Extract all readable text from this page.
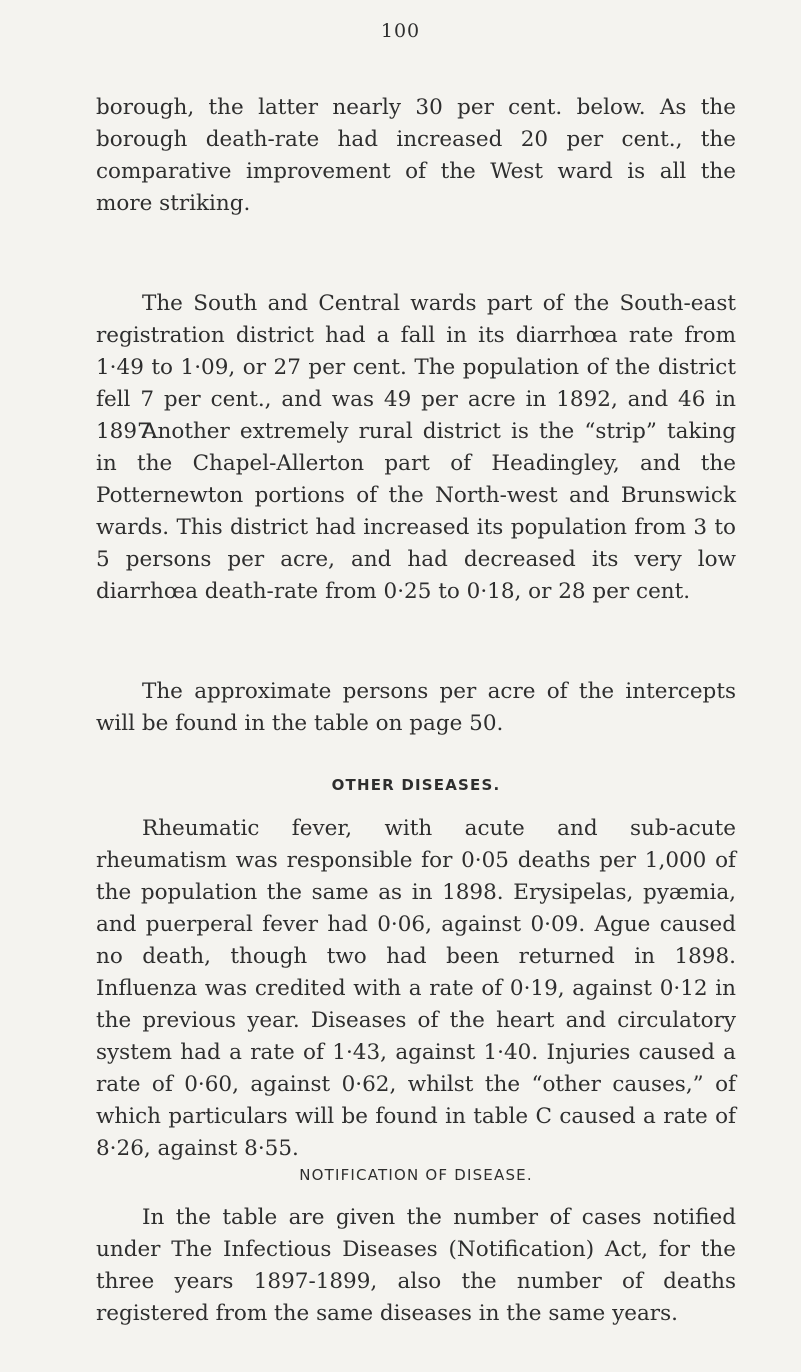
100

borough, the latter nearly 30 per cent. below. As the borough death-rate had increased 20 per cent., the comparative improvement of the West ward is all the more striking.

The South and Central wards part of the South-east registration district had a fall in its diarrhœa rate from 1·49 to 1·09, or 27 per cent. The population of the district fell 7 per cent., and was 49 per acre in 1892, and 46 in 1897.

Another extremely rural district is the “strip” taking in the Chapel-Allerton part of Headingley, and the Potternewton portions of the North-west and Brunswick wards. This district had increased its population from 3 to 5 persons per acre, and had decreased its very low diarrhœa death-rate from 0·25 to 0·18, or 28 per cent.

The approximate persons per acre of the intercepts will be found in the table on page 50.

OTHER DISEASES.

Rheumatic fever, with acute and sub-acute rheumatism was responsible for 0·05 deaths per 1,000 of the population the same as in 1898. Erysipelas, pyæmia, and puerperal fever had 0·06, against 0·09. Ague caused no death, though two had been returned in 1898. Influenza was credited with a rate of 0·19, against 0·12 in the previous year. Diseases of the heart and circulatory system had a rate of 1·43, against 1·40. Injuries caused a rate of 0·60, against 0·62, whilst the “other causes,” of which particulars will be found in table C caused a rate of 8·26, against 8·55.

NOTIFICATION OF DISEASE.

In the table are given the number of cases notified under The Infectious Diseases (Notification) Act, for the three years 1897-1899, also the number of deaths registered from the same diseases in the same years.
